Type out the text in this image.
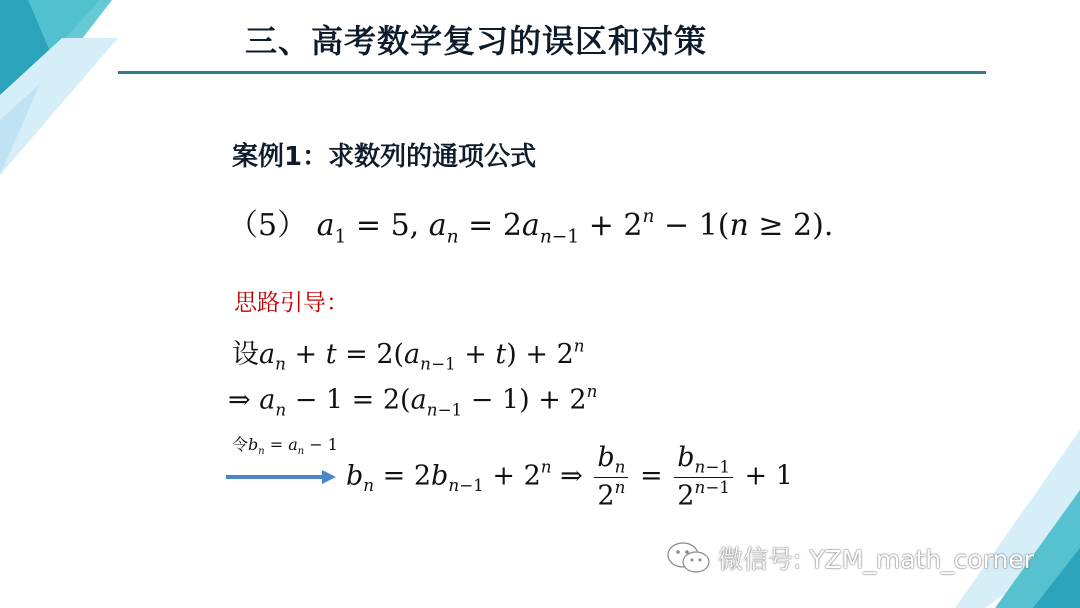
三、高考数学复习的误区和对策
案例1：求数列的通项公式
（5） $a_1 = 5$, $a_n = 2a_{n-1} + 2^n - 1(n \ge 2)$.
思路引导：
设$a_n + t = 2(a_{n-1} + t) + 2^n$
⇒ $a_n - 1 = 2(a_{n-1} - 1) + 2^n$
令$b_n = a_n - 1$
$b_n = 2b_{n-1} + 2^n$ ⇒ $\frac{b_n}{2^n} = \frac{b_{n-1}}{2^{n-1}} + 1$
微信号: YZM_math_corner
